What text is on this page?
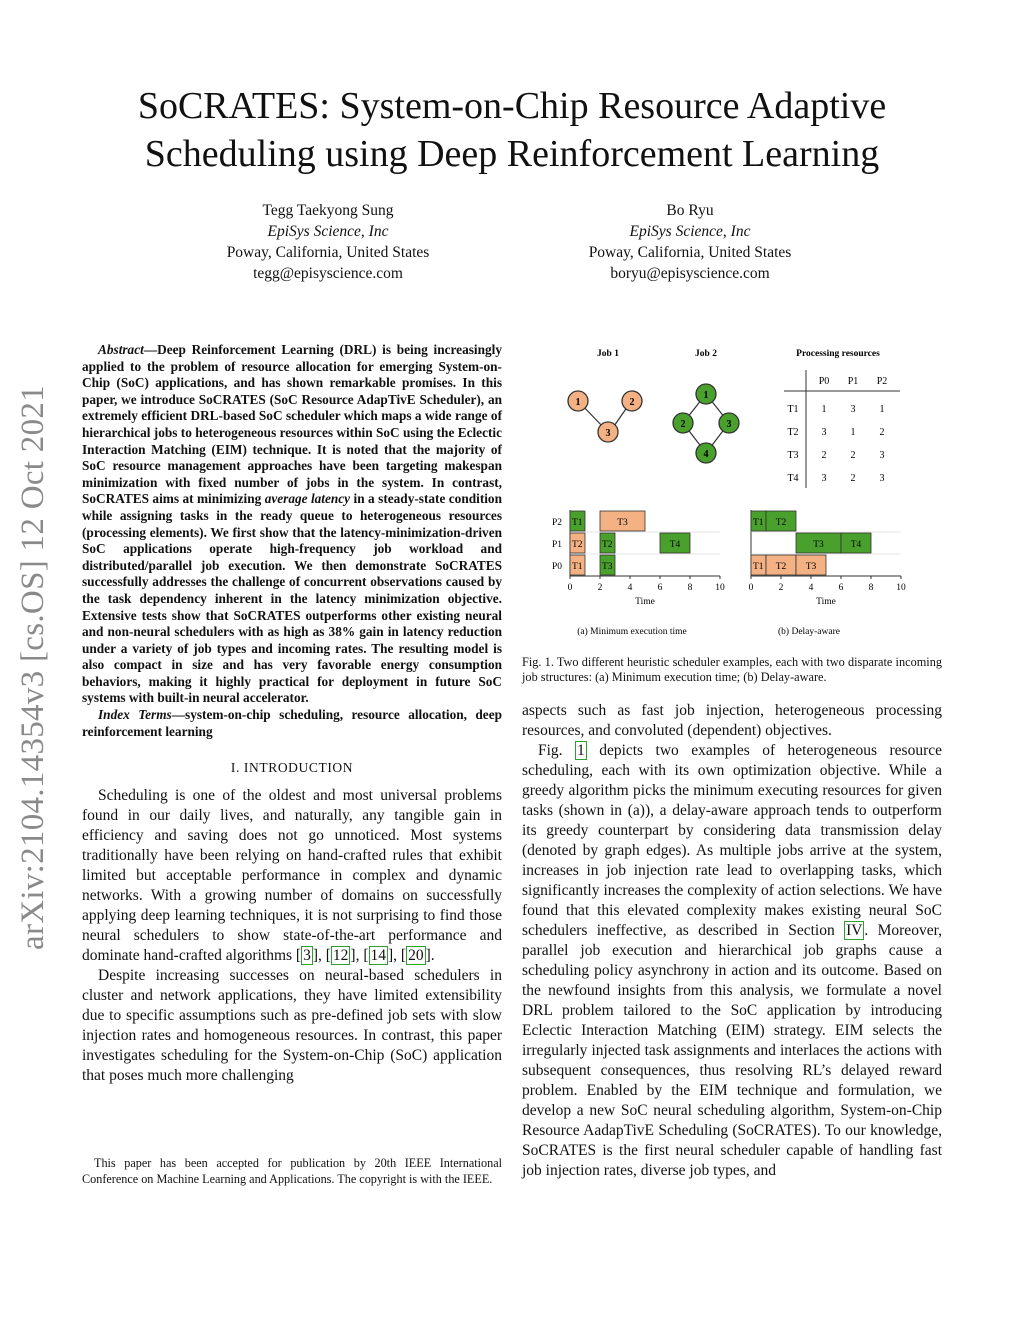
SoCRATES: System-on-Chip Resource Adaptive
Scheduling using Deep Reinforcement Learning
Tegg Taekyong Sung
EpiSys Science, Inc
Poway, California, United States
tegg@episyscience.com
Bo Ryu
EpiSys Science, Inc
Poway, California, United States
boryu@episyscience.com
arXiv:2104.14354v3 [cs.OS] 12 Oct 2021

Abstract—Deep Reinforcement Learning (DRL) is being increasingly applied to the problem of resource allocation for emerging System-on-Chip (SoC) applications, and has shown remarkable promises. In this paper, we introduce SoCRATES (SoC Resource AdapTivE Scheduler), an extremely efficient DRL-based SoC scheduler which maps a wide range of hierarchical jobs to heterogeneous resources within SoC using the Eclectic Interaction Matching (EIM) technique. It is noted that the majority of SoC resource management approaches have been targeting makespan minimization with fixed number of jobs in the system. In contrast, SoCRATES aims at minimizing average latency in a steady-state condition while assigning tasks in the ready queue to heterogeneous resources (processing elements). We first show that the latency-minimization-driven SoC applications operate high-frequency job workload and distributed/parallel job execution. We then demonstrate SoCRATES successfully addresses the challenge of concurrent observations caused by the task dependency inherent in the latency minimization objective. Extensive tests show that SoCRATES outperforms other existing neural and non-neural schedulers with as high as 38% gain in latency reduction under a variety of job types and incoming rates. The resulting model is also compact in size and has very favorable energy consumption behaviors, making it highly practical for deployment in future SoC systems with built-in neural accelerator.

Index Terms—system-on-chip scheduling, resource allocation, deep reinforcement learning

I. INTRODUCTION

Scheduling is one of the oldest and most universal problems found in our daily lives, and naturally, any tangible gain in efficiency and saving does not go unnoticed. Most systems traditionally have been relying on hand-crafted rules that exhibit limited but acceptable performance in complex and dynamic networks. With a growing number of domains on successfully applying deep learning techniques, it is not surprising to find those neural schedulers to show state-of-the-art performance and dominate hand-crafted algorithms [ 3 ], [ 12 ], [ 14 ], [ 20 ].

Despite increasing successes on neural-based schedulers in cluster and network applications, they have limited extensibility due to specific assumptions such as pre-defined job sets with slow injection rates and homogeneous resources. In contrast, this paper investigates scheduling for the System-on-Chip (SoC) application that poses much more challenging

This paper has been accepted for publication by 20th IEEE International Conference on Machine Learning and Applications. The copyright is with the IEEE.

Job 1	Job 2	Processing resources
1	2
3
1
2	3
4
P0 P1 P2
T1 1 3 1
T2 3 1 2
T3 2 2 3
T4 3 2 3
P2
P1
P0
T1	T3
T2 T2	T4
T1 T3
0	2	4	6	8 10
Time
T1 T2
T3	T4
T1 T2 T3
0	2	4	6	8 10
Time
(a) Minimum execution time	(b) Delay-aware
Fig. 1. Two different heuristic scheduler examples, each with two disparate incoming job structures: (a) Minimum execution time; (b) Delay-aware.

aspects such as fast job injection, heterogeneous processing resources, and convoluted (dependent) objectives.

Fig. 1 depicts two examples of heterogeneous resource scheduling, each with its own optimization objective. While a greedy algorithm picks the minimum executing resources for given tasks (shown in (a)), a delay-aware approach tends to outperform its greedy counterpart by considering data transmission delay (denoted by graph edges). As multiple jobs arrive at the system, increases in job injection rate lead to overlapping tasks, which significantly increases the complexity of action selections. We have found that this elevated complexity makes existing neural SoC schedulers ineffective, as described in Section IV . Moreover, parallel job execution and hierarchical job graphs cause a scheduling policy asynchrony in action and its outcome. Based on the newfound insights from this analysis, we formulate a novel DRL problem tailored to the SoC application by introducing Eclectic Interaction Matching (EIM) strategy. EIM selects the irregularly injected task assignments and interlaces the actions with subsequent consequences, thus resolving RL’s delayed reward problem. Enabled by the EIM technique and formulation, we develop a new SoC neural scheduling algorithm, System-on-Chip Resource AadapTivE Scheduling (SoCRATES). To our knowledge, SoCRATES is the first neural scheduler capable of handling fast job injection rates, diverse job types, and
